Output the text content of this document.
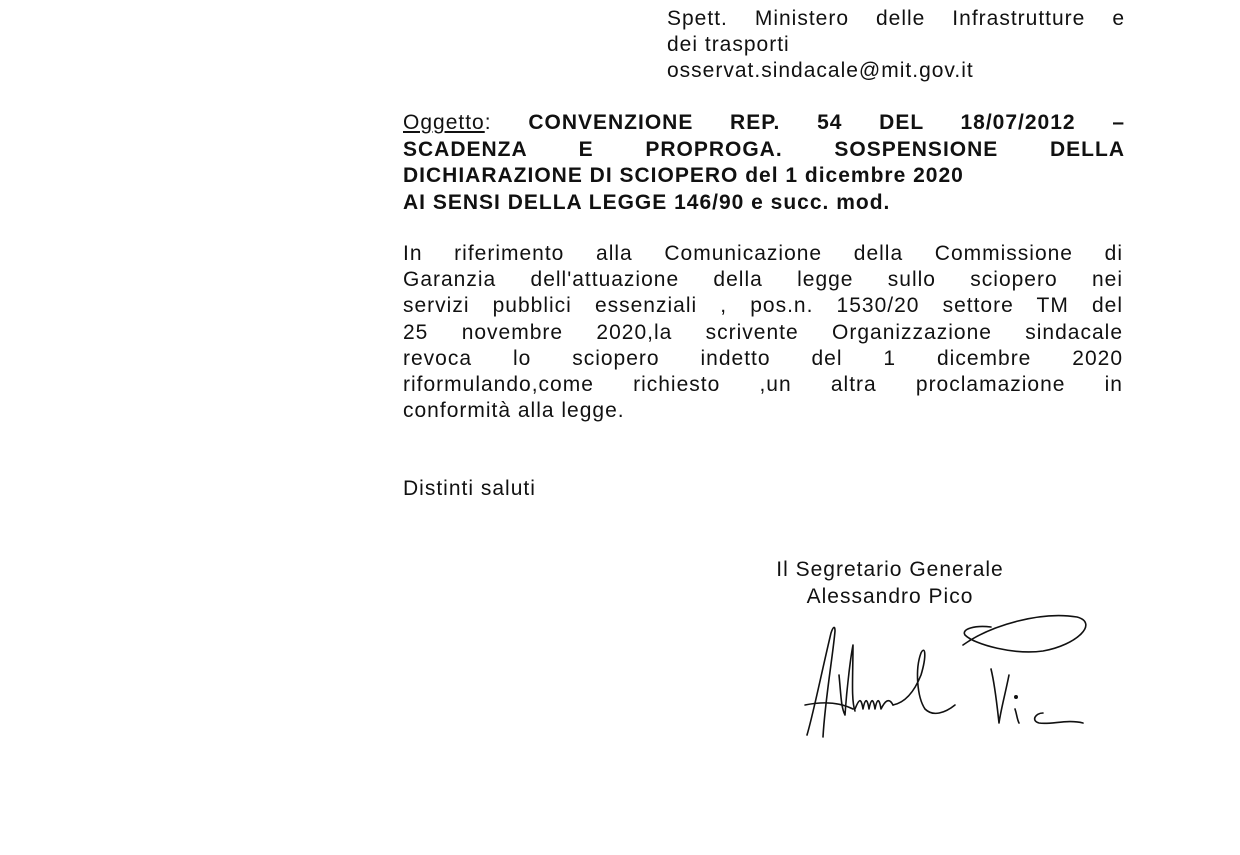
Spett. Ministero delle Infrastrutture e
dei trasporti
osservat.sindacale@mit.gov.it
Oggetto: CONVENZIONE REP. 54 DEL 18/07/2012 –
SCADENZA E PROPROGA. SOSPENSIONE DELLA
DICHIARAZIONE DI SCIOPERO del 1 dicembre 2020
AI SENSI DELLA LEGGE 146/90 e succ. mod.
In riferimento alla Comunicazione della Commissione di
Garanzia dell'attuazione della legge sullo sciopero nei
servizi pubblici essenziali , pos.n. 1530/20 settore TM del
25 novembre 2020,la scrivente Organizzazione sindacale
revoca lo sciopero indetto del 1 dicembre 2020
riformulando,come richiesto ,un altra proclamazione in
conformità alla legge.
Distinti saluti
Il Segretario Generale
Alessandro Pico
